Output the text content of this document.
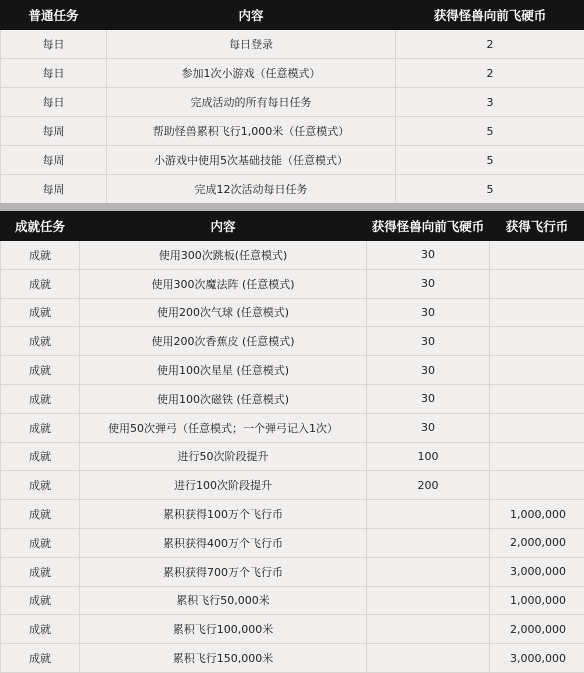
普通任务	内容	获得怪兽向前飞硬币
每日	每日登录	2
每日	参加1次小游戏（任意模式）	2
每日	完成活动的所有每日任务	3
每周	帮助怪兽累积飞行1,000米（任意模式）	5
每周	小游戏中使用5次基础技能（任意模式）	5
每周	完成12次活动每日任务	5
成就任务	内容	获得怪兽向前飞硬币	获得飞行币
成就	使用300次跳板(任意模式)	30	
成就	使用300次魔法阵 (任意模式)	30	
成就	使用200次气球 (任意模式)	30	
成就	使用200次香蕉皮 (任意模式)	30	
成就	使用100次星星 (任意模式)	30	
成就	使用100次磁铁 (任意模式)	30	
成就	使用50次弹弓（任意模式；一个弹弓记入1次）	30	
成就	进行50次阶段提升	100	
成就	进行100次阶段提升	200	
成就	累积获得100万个飞行币		1,000,000
成就	累积获得400万个飞行币		2,000,000
成就	累积获得700万个飞行币		3,000,000
成就	累积飞行50,000米		1,000,000
成就	累积飞行100,000米		2,000,000
成就	累积飞行150,000米		3,000,000
